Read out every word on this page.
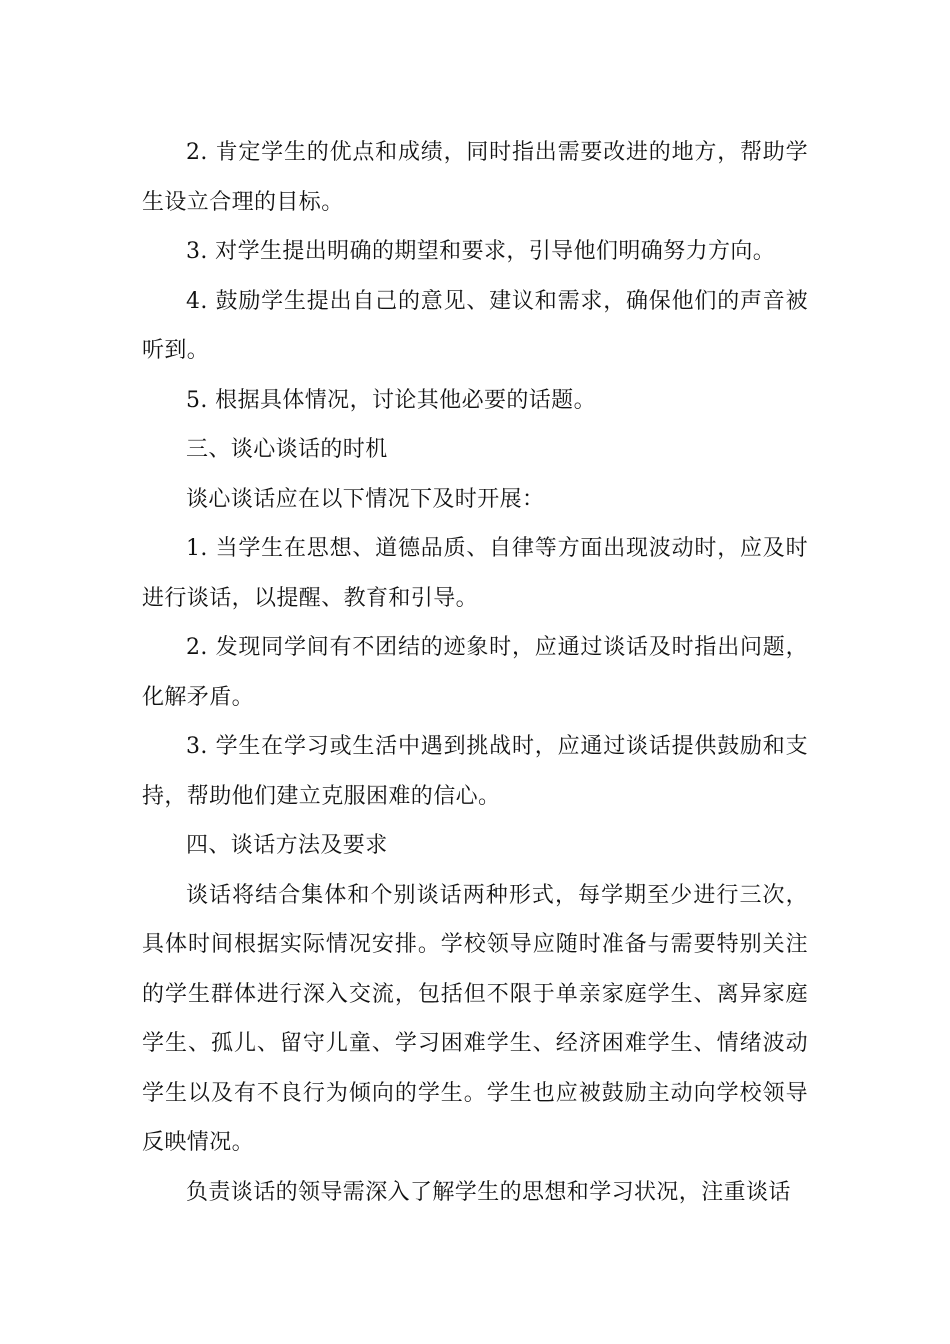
2. 肯定学生的优点和成绩，同时指出需要改进的地方，帮助学生设立合理的目标。

3. 对学生提出明确的期望和要求，引导他们明确努力方向。

4. 鼓励学生提出自己的意见、建议和需求，确保他们的声音被听到。

5. 根据具体情况，讨论其他必要的话题。

三、谈心谈话的时机

谈心谈话应在以下情况下及时开展：

1. 当学生在思想、道德品质、自律等方面出现波动时，应及时进行谈话，以提醒、教育和引导。

2. 发现同学间有不团结的迹象时，应通过谈话及时指出问题，化解矛盾。

3. 学生在学习或生活中遇到挑战时，应通过谈话提供鼓励和支持，帮助他们建立克服困难的信心。

四、谈话方法及要求

谈话将结合集体和个别谈话两种形式，每学期至少进行三次，具体时间根据实际情况安排。学校领导应随时准备与需要特别关注的学生群体进行深入交流，包括但不限于单亲家庭学生、离异家庭学生、孤儿、留守儿童、学习困难学生、经济困难学生、情绪波动学生以及有不良行为倾向的学生。学生也应被鼓励主动向学校领导反映情况。

负责谈话的领导需深入了解学生的思想和学习状况，注重谈话
